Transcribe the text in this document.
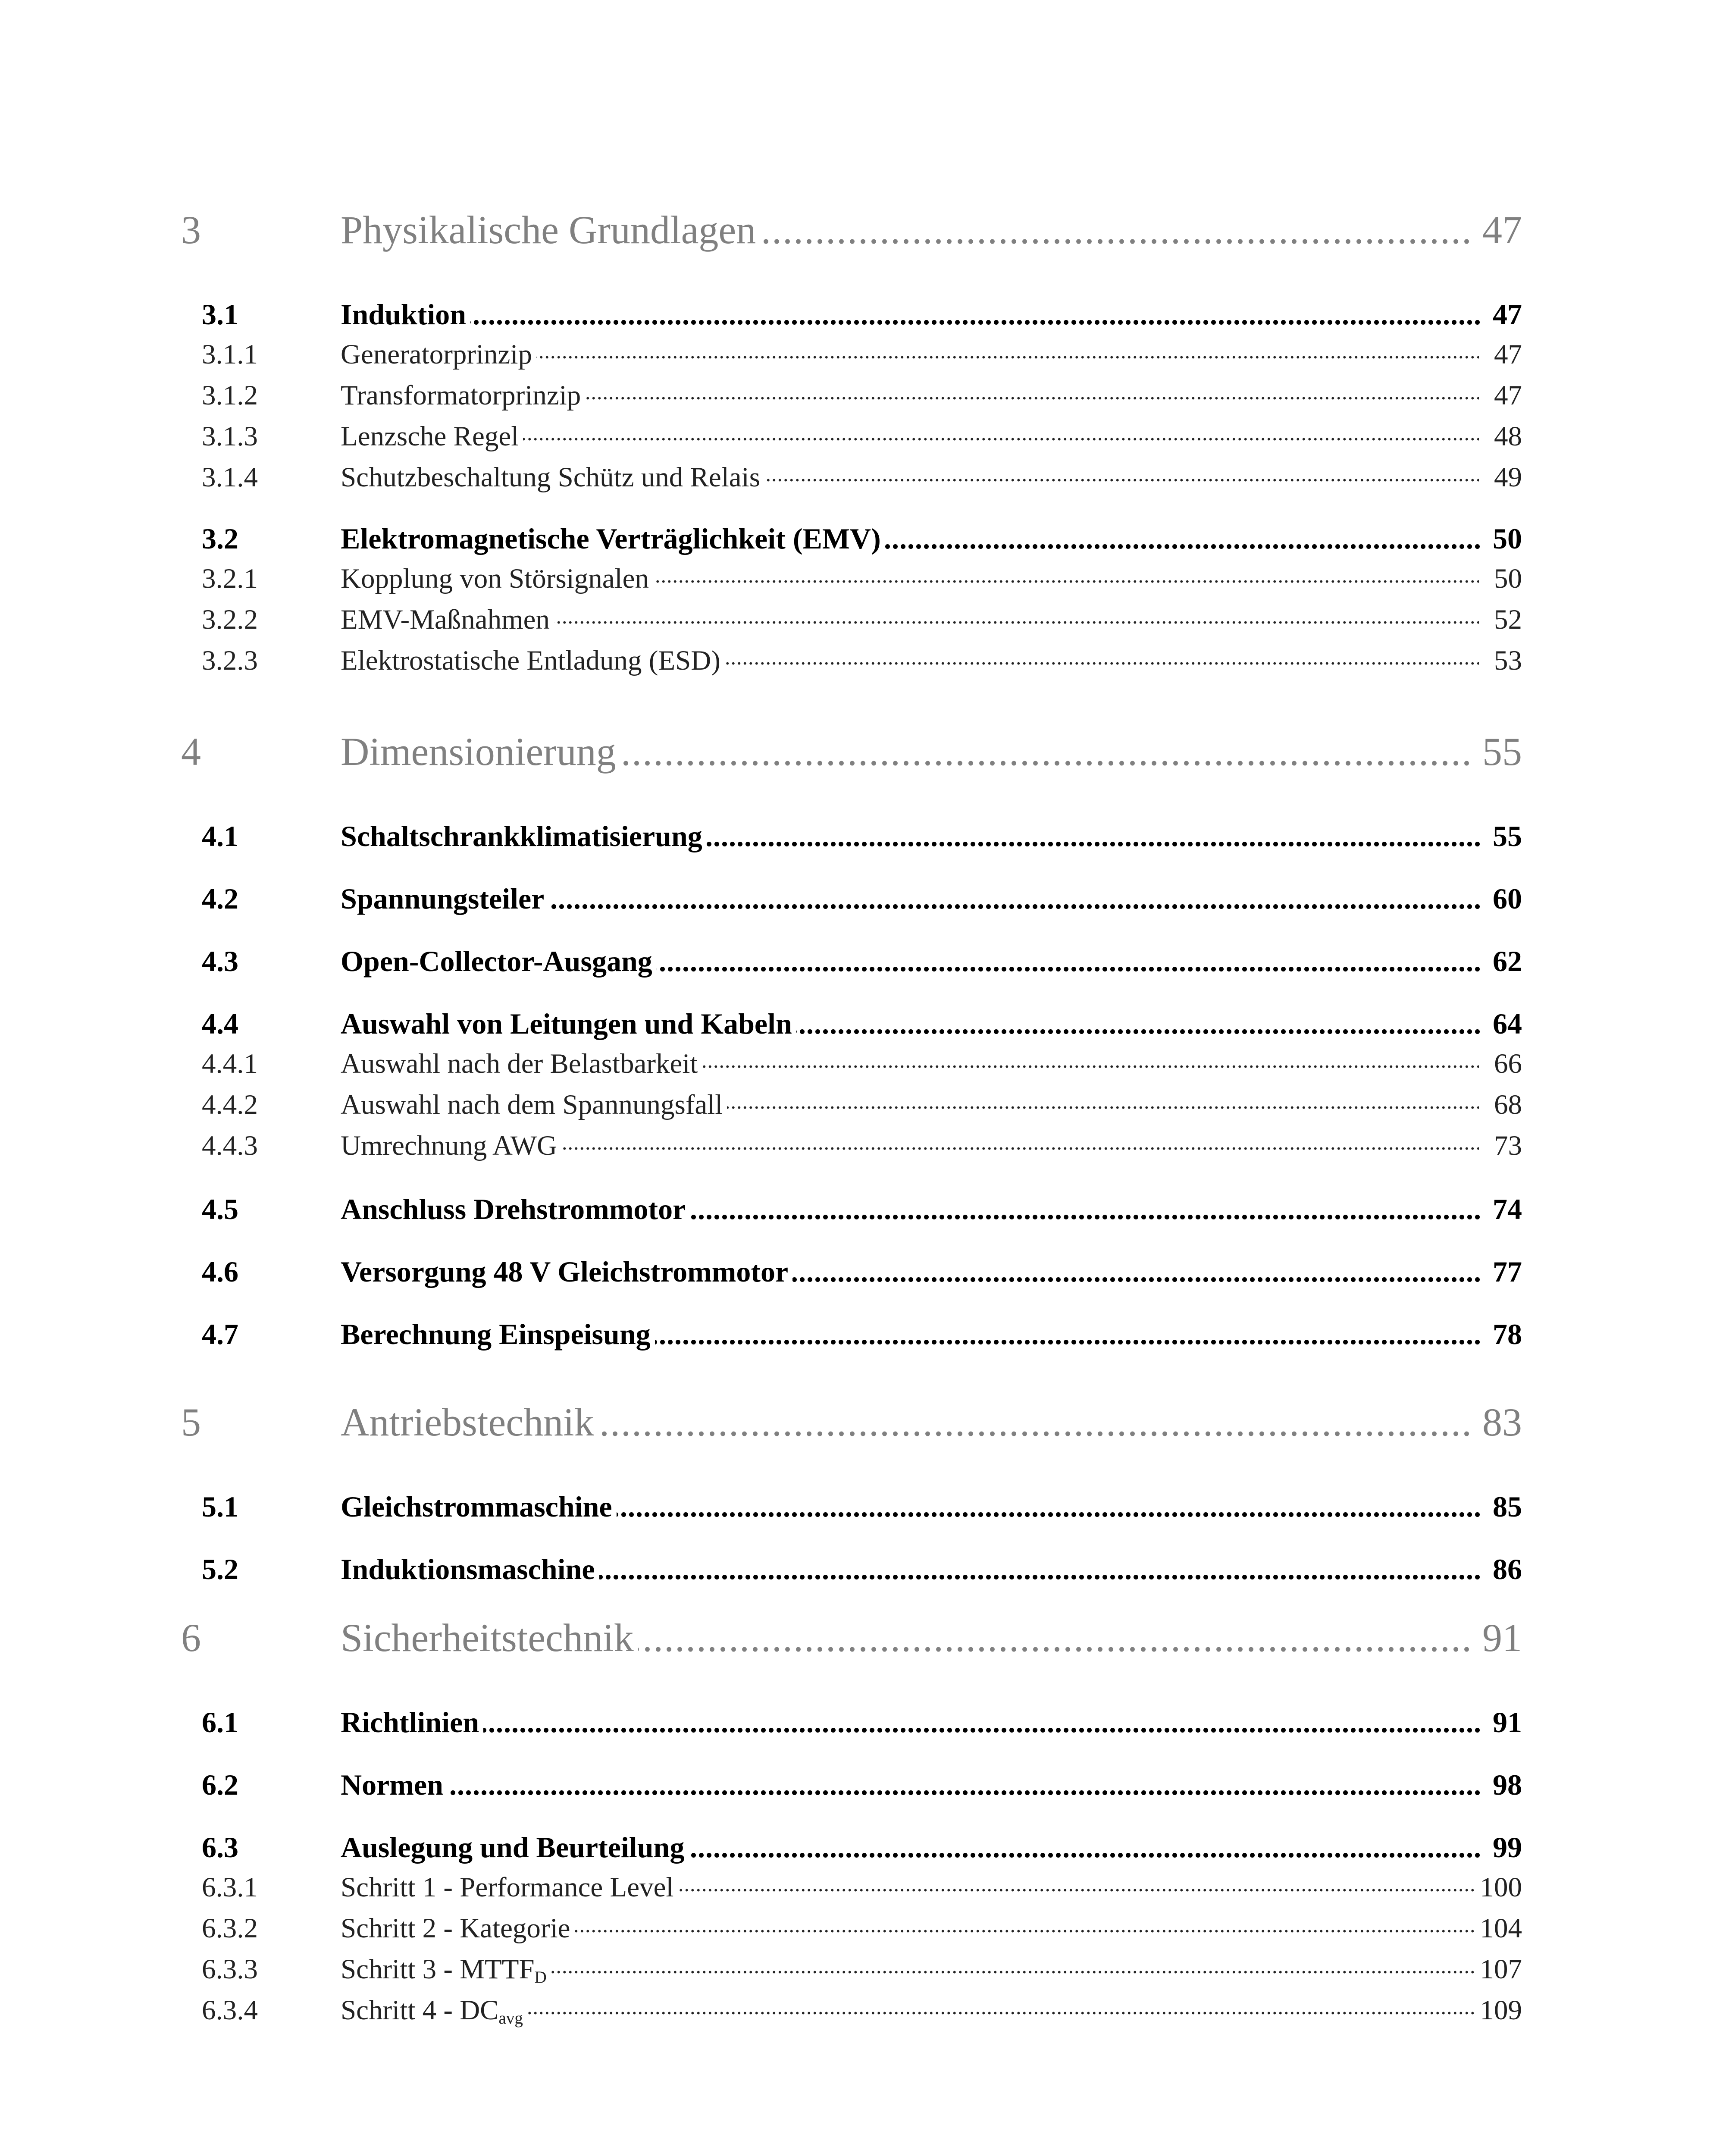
3 .....	Physikalische Grundlagen	47
3.1 .....	Induktion	47
3.1.1 .....	Generatorprinzip	47
3.1.2 .....	Transformatorprinzip	47
3.1.3 .....	Lenzsche Regel	48
3.1.4 .....	Schutzbeschaltung Schütz und Relais	49
3.2 .....	Elektromagnetische Verträglichkeit (EMV)	50
3.2.1 .....	Kopplung von Störsignalen	50
3.2.2 .....	EMV-Maßnahmen	52
3.2.3 .....	Elektrostatische Entladung (ESD)	53
4 .....	Dimensionierung	55
4.1 .....	Schaltschrankklimatisierung	55
4.2 .....	Spannungsteiler	60
4.3 .....	Open-Collector-Ausgang	62
4.4 .....	Auswahl von Leitungen und Kabeln	64
4.4.1 .....	Auswahl nach der Belastbarkeit	66
4.4.2 .....	Auswahl nach dem Spannungsfall	68
4.4.3 .....	Umrechnung AWG	73
4.5 .....	Anschluss Drehstrommotor	74
4.6 .....	Versorgung 48 V Gleichstrommotor	77
4.7 .....	Berechnung Einspeisung	78
5 .....	Antriebstechnik	83
5.1 .....	Gleichstrommaschine	85
5.2 .....	Induktionsmaschine	86
6 .....	Sicherheitstechnik	91
6.1 .....	Richtlinien	91
6.2 .....	Normen	98
6.3 .....	Auslegung und Beurteilung	99
6.3.1 .....	Schritt 1 - Performance Level	100
6.3.2 .....	Schritt 2 - Kategorie	104
6.3.3 .....	Schritt $3 - MTTF_D$	107
6.3.4 .....	Schritt $4 - DC_{avg}$	109
